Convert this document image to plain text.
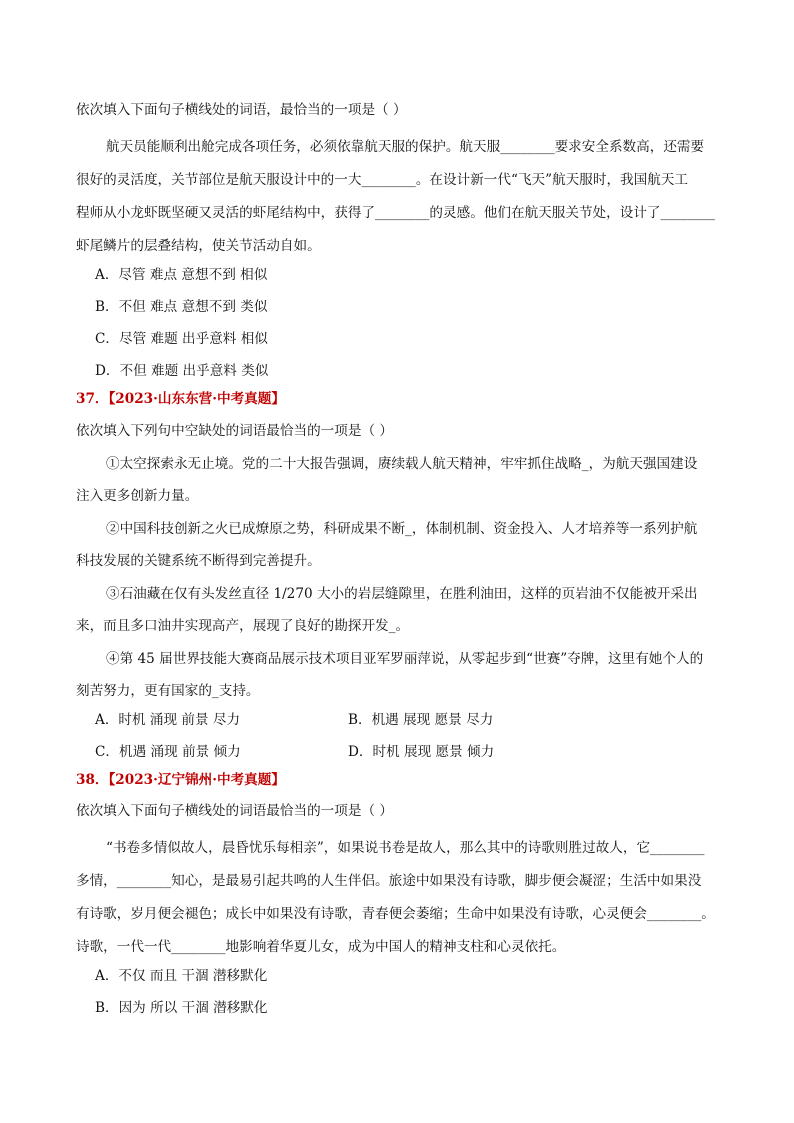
依次填入下面句子横线处的词语，最恰当的一项是（ ）
航天员能顺利出舱完成各项任务，必须依靠航天服的保护。航天服________要求安全系数高，还需要
很好的灵活度，关节部位是航天服设计中的一大________。在设计新一代“飞天”航天服时，我国航天工
程师从小龙虾既坚硬又灵活的虾尾结构中，获得了________的灵感。他们在航天服关节处，设计了________
虾尾鳞片的层叠结构，使关节活动自如。
A．尽管 难点 意想不到 相似
B．不但 难点 意想不到 类似
C．尽管 难题 出乎意料 相似
D．不但 难题 出乎意料 类似
37．【2023·山东东营·中考真题】
依次填入下列句中空缺处的词语最恰当的一项是（ ）
①太空探索永无止境。党的二十大报告强调，赓续载人航天精神，牢牢抓住战略_，为航天强国建设
注入更多创新力量。
②中国科技创新之火已成燎原之势，科研成果不断_，体制机制、资金投入、人才培养等一系列护航
科技发展的关键系统不断得到完善提升。
③石油藏在仅有头发丝直径 1/270 大小的岩层缝隙里，在胜利油田，这样的页岩油不仅能被开采出
来，而且多口油井实现高产，展现了良好的勘探开发_。
④第 45 届世界技能大赛商品展示技术项目亚军罗丽萍说，从零起步到“世赛”夺牌，这里有她个人的
刻苦努力，更有国家的_支持。
A．时机 涌现 前景 尽力	B．机遇 展现 愿景 尽力
C．机遇 涌现 前景 倾力	D．时机 展现 愿景 倾力
38．【2023·辽宁锦州·中考真题】
依次填入下面句子横线处的词语最恰当的一项是（ ）
“书卷多情似故人，晨昏忧乐每相亲”，如果说书卷是故人，那么其中的诗歌则胜过故人，它________
多情，________知心，是最易引起共鸣的人生伴侣。旅途中如果没有诗歌，脚步便会凝涩；生活中如果没
有诗歌，岁月便会褪色；成长中如果没有诗歌，青春便会萎缩；生命中如果没有诗歌，心灵便会________。
诗歌，一代一代________地影响着华夏儿女，成为中国人的精神支柱和心灵依托。
A．不仅 而且 干涸 潜移默化
B．因为 所以 干涸 潜移默化
